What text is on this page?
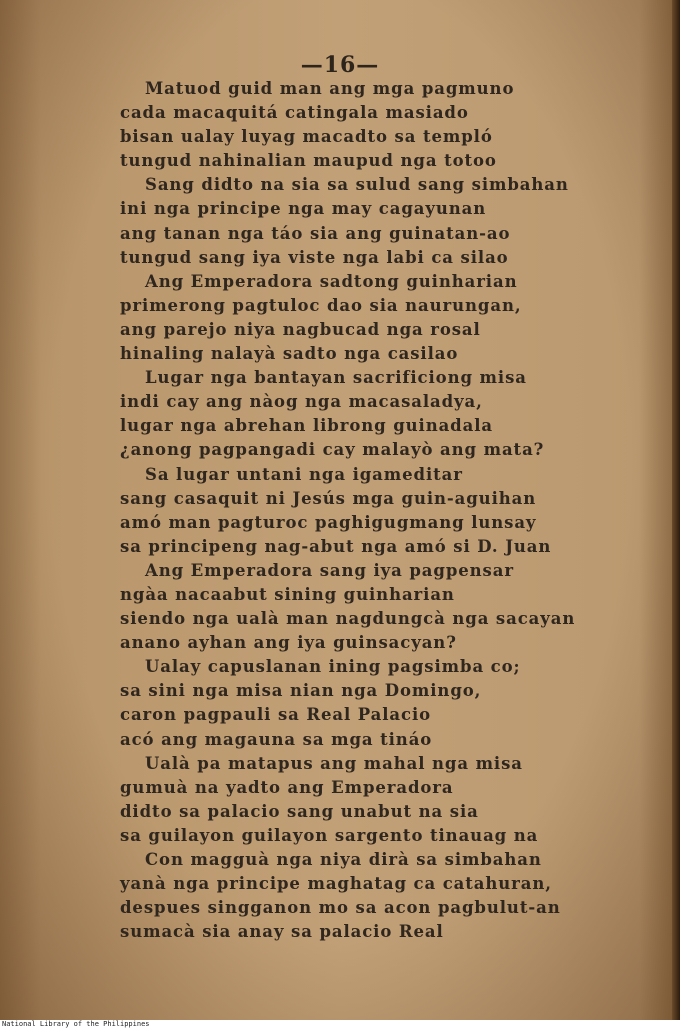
—16—
Matuod guid man ang mga pagmuno
cada macaquitá catingala masiado
bisan ualay luyag macadto sa templó
tungud nahinalian maupud nga totoo
Sang didto na sia sa sulud sang simbahan
ini nga principe nga may cagayunan
ang tanan nga táo sia ang guinatan-ao
tungud sang iya viste nga labi ca silao
Ang Emperadora sadtong guinharian
primerong pagtuloc dao sia naurungan,
ang parejo niya nagbucad nga rosal
hinaling nalayà sadto nga casilao
Lugar nga bantayan sacrificiong misa
indi cay ang nàog nga macasaladya,
lugar nga abrehan librong guinadala
¿anong pagpangadi cay malayò ang mata?
Sa lugar untani nga igameditar
sang casaquit ni Jesús mga guin-aguihan
amó man pagturoc paghigugmang lunsay
sa principeng nag-abut nga amó si D. Juan
Ang Emperadora sang iya pagpensar
ngàa nacaabut sining guinharian
siendo nga ualà man nagdungcà nga sacayan
anano ayhan ang iya guinsacyan?
Ualay capuslanan ining pagsimba co;
sa sini nga misa nian nga Domingo,
caron pagpauli sa Real Palacio
acó ang magauna sa mga tináo
Ualà pa matapus ang mahal nga misa
gumuà na yadto ang Emperadora
didto sa palacio sang unabut na sia
sa guilayon guilayon sargento tinauag na
Con magguà nga niya dirà sa simbahan
yanà nga principe maghatag ca catahuran,
despues singganon mo sa acon pagbulut-an
sumacà sia anay sa palacio Real
National Library of the Philippines
